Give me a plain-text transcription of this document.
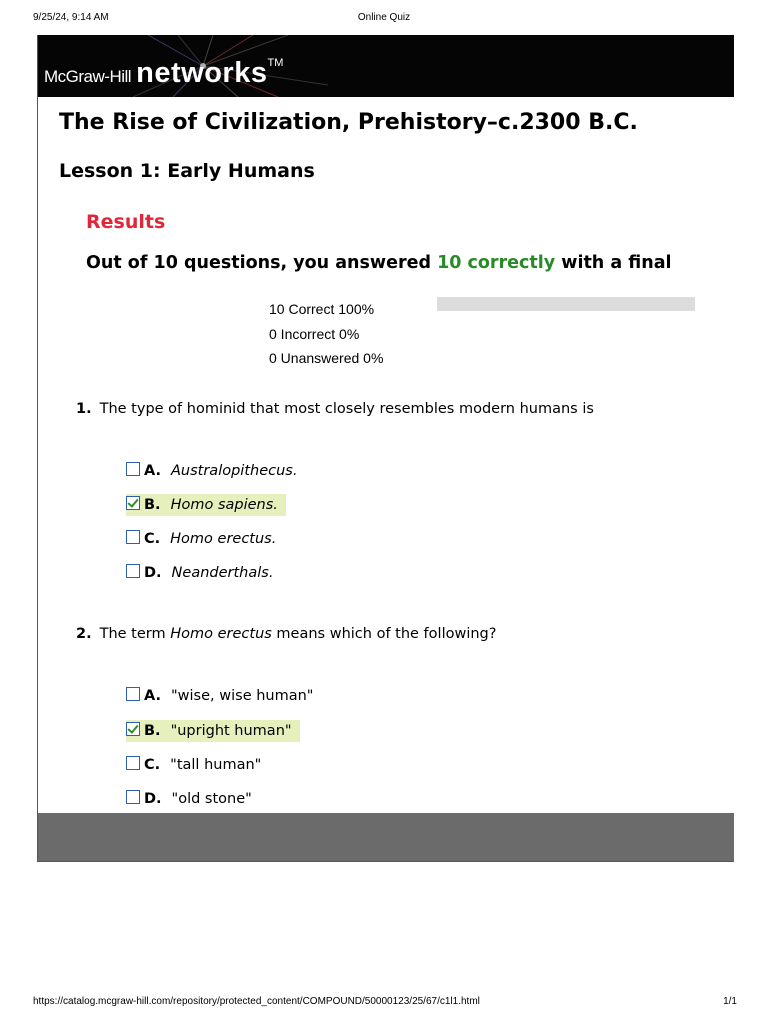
9/25/24, 9:14 AM	Online Quiz
McGraw-Hill networks™
The Rise of Civilization, Prehistory–c.2300 B.C.
Lesson 1: Early Humans
Results
Out of 10 questions, you answered 10 correctly with a final
10 Correct 100%
0 Incorrect 0%
0 Unanswered 0%
1. The type of hominid that most closely resembles modern humans is
A. Australopithecus.
B. Homo sapiens.
C. Homo erectus.
D. Neanderthals.
2. The term Homo erectus means which of the following?
A. "wise, wise human"
B. "upright human"
C. "tall human"
D. "old stone"
https://catalog.mcgraw-hill.com/repository/protected_content/COMPOUND/50000123/25/67/c1l1.html	1/1
